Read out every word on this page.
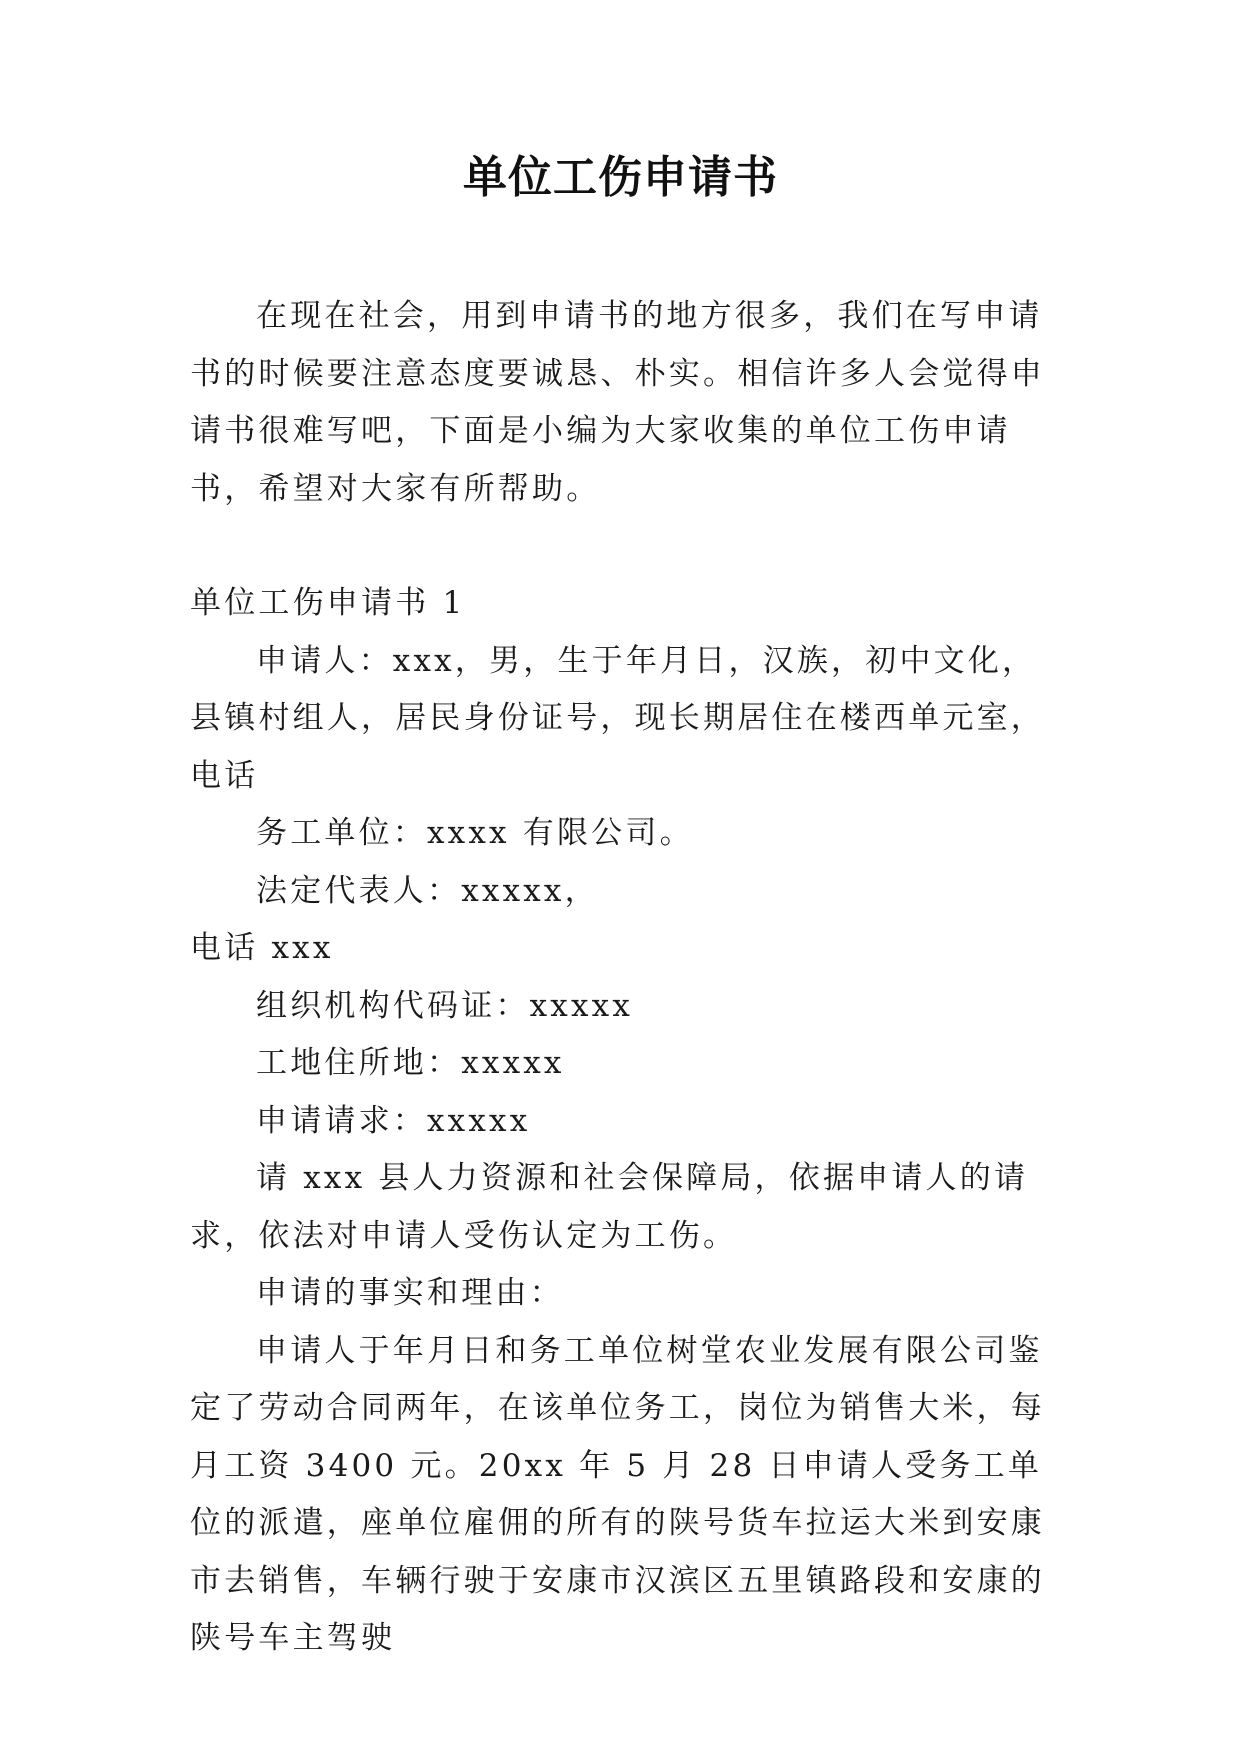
单位工伤申请书

在现在社会，用到申请书的地方很多，我们在写申请书的时候要注意态度要诚恳、朴实。相信许多人会觉得申请书很难写吧，下面是小编为大家收集的单位工伤申请书，希望对大家有所帮助。

单位工伤申请书 1

申请人：xxx，男，生于年月日，汉族，初中文化，县镇村组人，居民身份证号，现长期居住在楼西单元室，电话

务工单位：xxxx 有限公司。

法定代表人：xxxxx，

电话 xxx

组织机构代码证：xxxxx

工地住所地：xxxxx

申请请求：xxxxx

请 xxx 县人力资源和社会保障局，依据申请人的请求，依法对申请人受伤认定为工伤。

申请的事实和理由：

申请人于年月日和务工单位树堂农业发展有限公司鉴定了劳动合同两年，在该单位务工，岗位为销售大米，每月工资 3400 元。20xx 年 5 月 28 日申请人受务工单位的派遣，座单位雇佣的所有的陕号货车拉运大米到安康市去销售，车辆行驶于安康市汉滨区五里镇路段和安康的陕号车主驾驶
